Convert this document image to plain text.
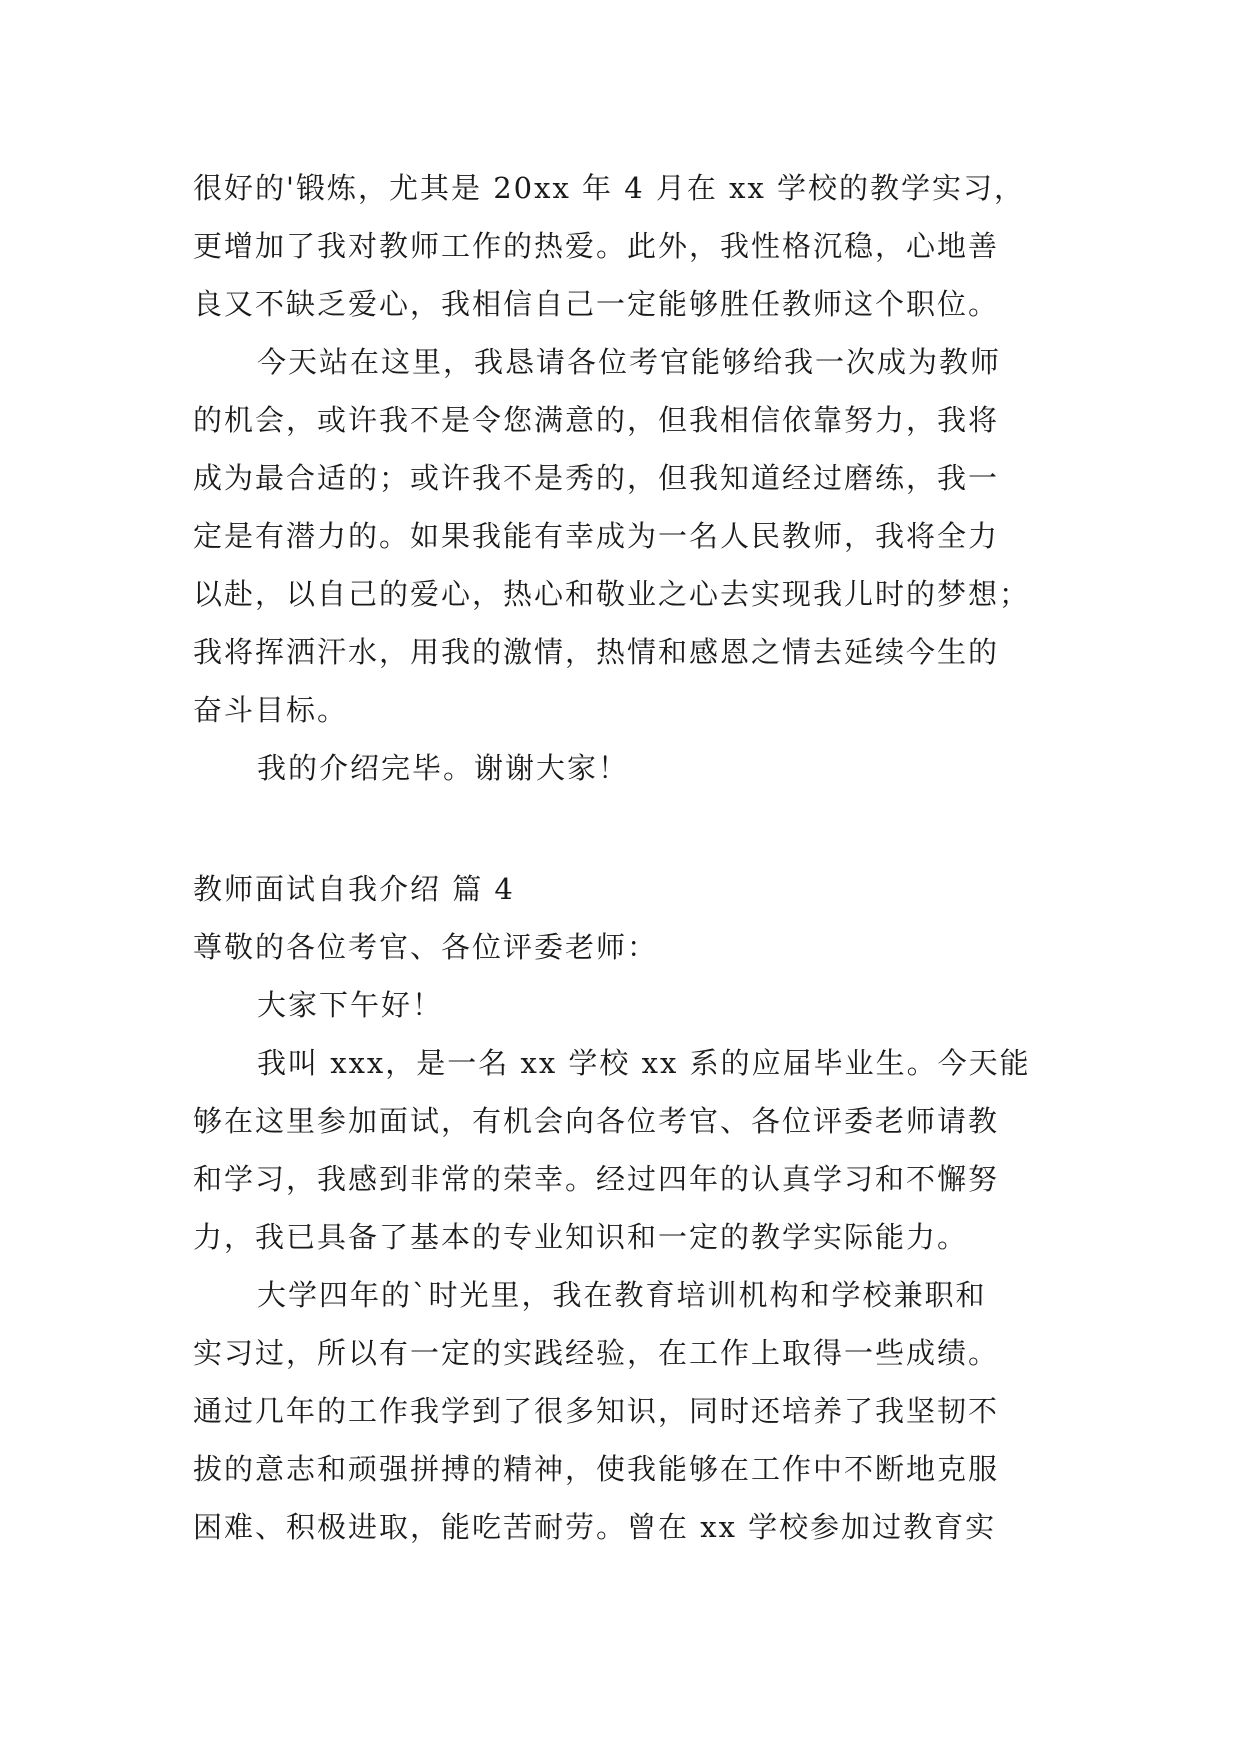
很好的'锻炼，尤其是 20xx 年 4 月在 xx 学校的教学实习，
更增加了我对教师工作的热爱。此外，我性格沉稳，心地善
良又不缺乏爱心，我相信自己一定能够胜任教师这个职位。
今天站在这里，我恳请各位考官能够给我一次成为教师
的机会，或许我不是令您满意的，但我相信依靠努力，我将
成为最合适的；或许我不是秀的，但我知道经过磨练，我一
定是有潜力的。如果我能有幸成为一名人民教师，我将全力
以赴，以自己的爱心，热心和敬业之心去实现我儿时的梦想；
我将挥洒汗水，用我的激情，热情和感恩之情去延续今生的
奋斗目标。
我的介绍完毕。谢谢大家！
教师面试自我介绍 篇 4
尊敬的各位考官、各位评委老师：
大家下午好！
我叫 xxx，是一名 xx 学校 xx 系的应届毕业生。今天能
够在这里参加面试，有机会向各位考官、各位评委老师请教
和学习，我感到非常的荣幸。经过四年的认真学习和不懈努
力，我已具备了基本的专业知识和一定的教学实际能力。
大学四年的`时光里，我在教育培训机构和学校兼职和
实习过，所以有一定的实践经验，在工作上取得一些成绩。
通过几年的工作我学到了很多知识，同时还培养了我坚韧不
拔的意志和顽强拼搏的精神，使我能够在工作中不断地克服
困难、积极进取，能吃苦耐劳。曾在 xx 学校参加过教育实
